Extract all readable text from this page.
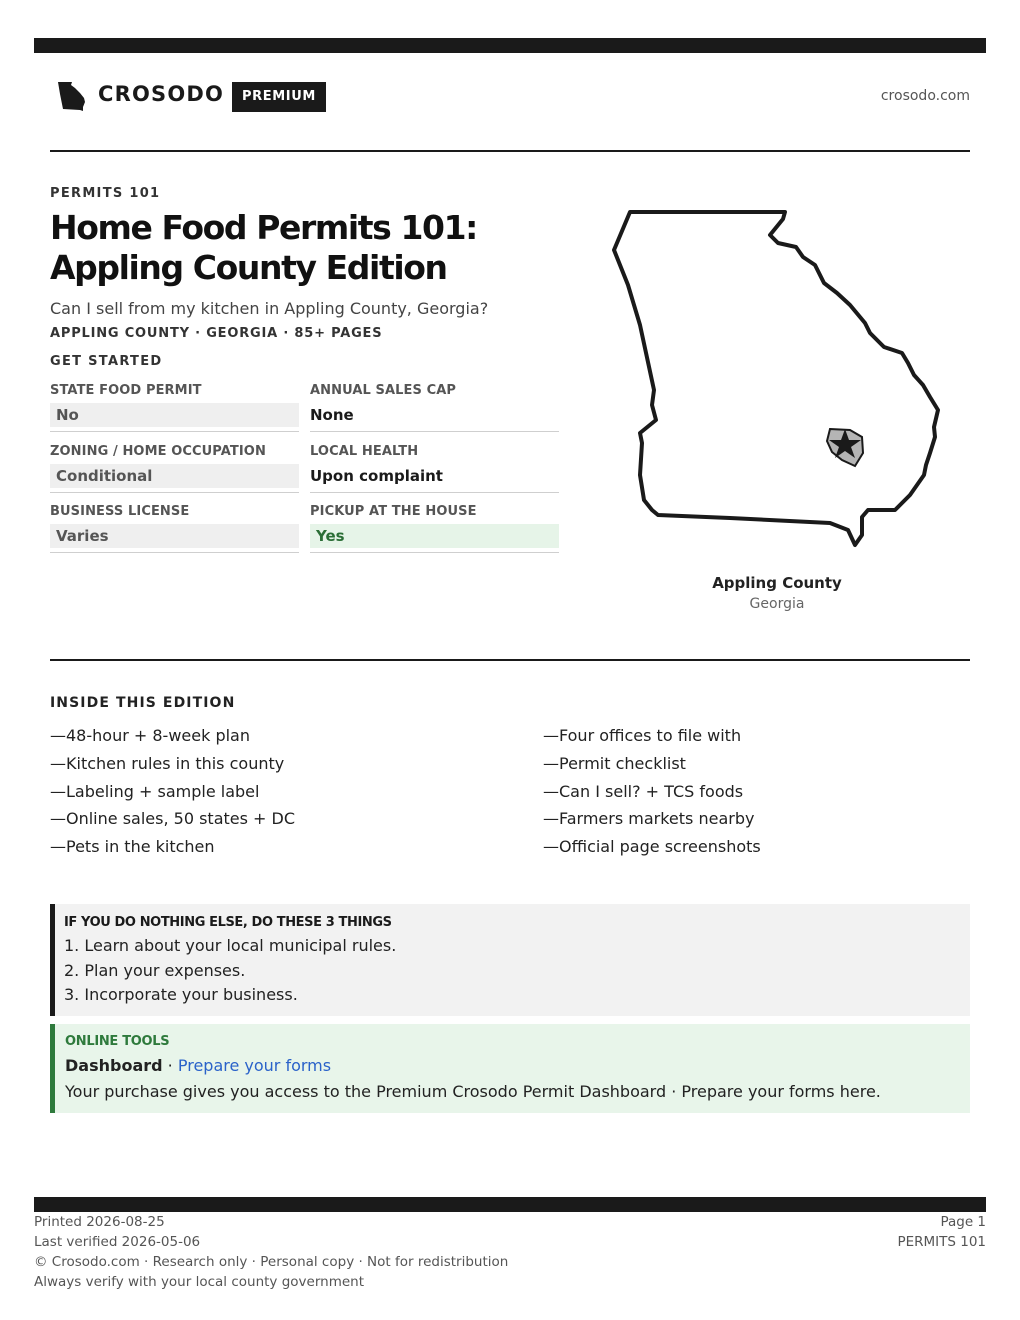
CROSODO	PREMIUM	crosodo.com
PERMITS 101
Home Food Permits 101: Appling County Edition
Can I sell from my kitchen in Appling County, Georgia?
APPLING COUNTY · GEORGIA · 85+ PAGES
GET STARTED
STATE FOOD PERMIT
No
ANNUAL SALES CAP
None
ZONING / HOME OCCUPATION
Conditional
LOCAL HEALTH
Upon complaint
BUSINESS LICENSE
Varies
PICKUP AT THE HOUSE
Yes
Appling County
Georgia
INSIDE THIS EDITION
—48-hour + 8-week plan
—Kitchen rules in this county
—Labeling + sample label
—Online sales, 50 states + DC
—Pets in the kitchen
—Four offices to file with
—Permit checklist
—Can I sell? + TCS foods
—Farmers markets nearby
—Official page screenshots
IF YOU DO NOTHING ELSE, DO THESE 3 THINGS
1. Learn about your local municipal rules.
2. Plan your expenses.
3. Incorporate your business.
ONLINE TOOLS
Dashboard · Prepare your forms
Your purchase gives you access to the Premium Crosodo Permit Dashboard · Prepare your forms here.
Printed 2026-08-25
Last verified 2026-05-06
© Crosodo.com · Research only · Personal copy · Not for redistribution
Always verify with your local county government
Page 1
PERMITS 101
